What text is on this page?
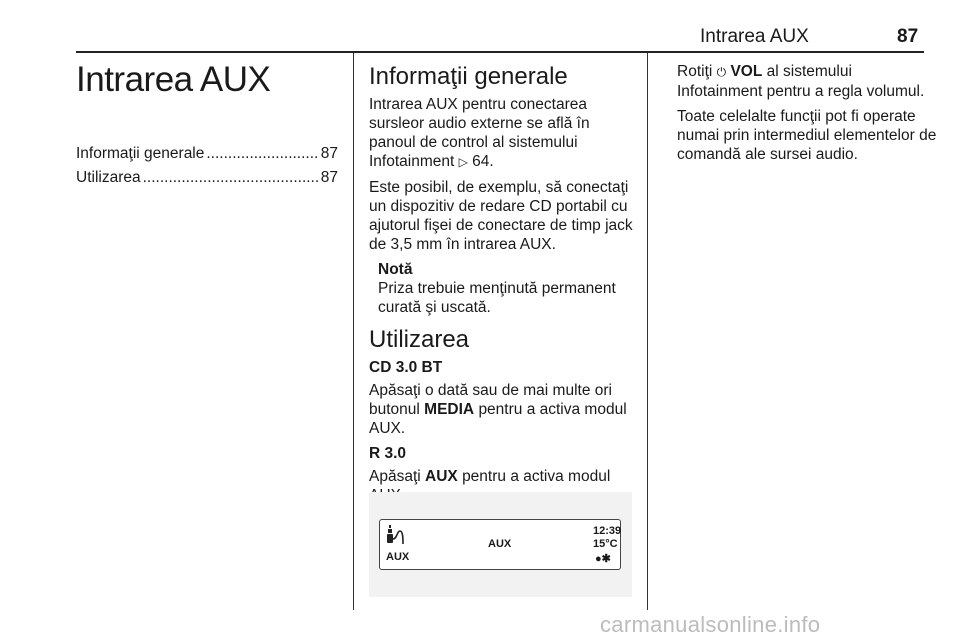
Intrarea AUX	87
Intrarea AUX
Informaţii generale .....	87
Utilizarea .....	87
Informaţii generale

Intrarea AUX pentru conectarea sursleor audio externe se află în panoul de control al sistemului Infotainment ▷ 64.

Este posibil, de exemplu, să conectaţi un dispozitiv de redare CD portabil cu ajutorul fişei de conectare de timp jack de 3,5 mm în intrarea AUX.

Notă
Priza trebuie menţinută permanent curată şi uscată.
Utilizarea
CD 3.0 BT

Apăsaţi o dată sau de mai multe ori butonul MEDIA pentru a activa modul AUX.

R 3.0

Apăsaţi AUX pentru a activa modul

AUX
AUX
12:39
15°C
●✱

Rotiţi ⏻ VOL al sistemului Infotainment pentru a regla volumul.

Toate celelalte funcţii pot fi operate numai prin intermediul elementelor de comandă ale sursei audio.

carmanualsonline.info
